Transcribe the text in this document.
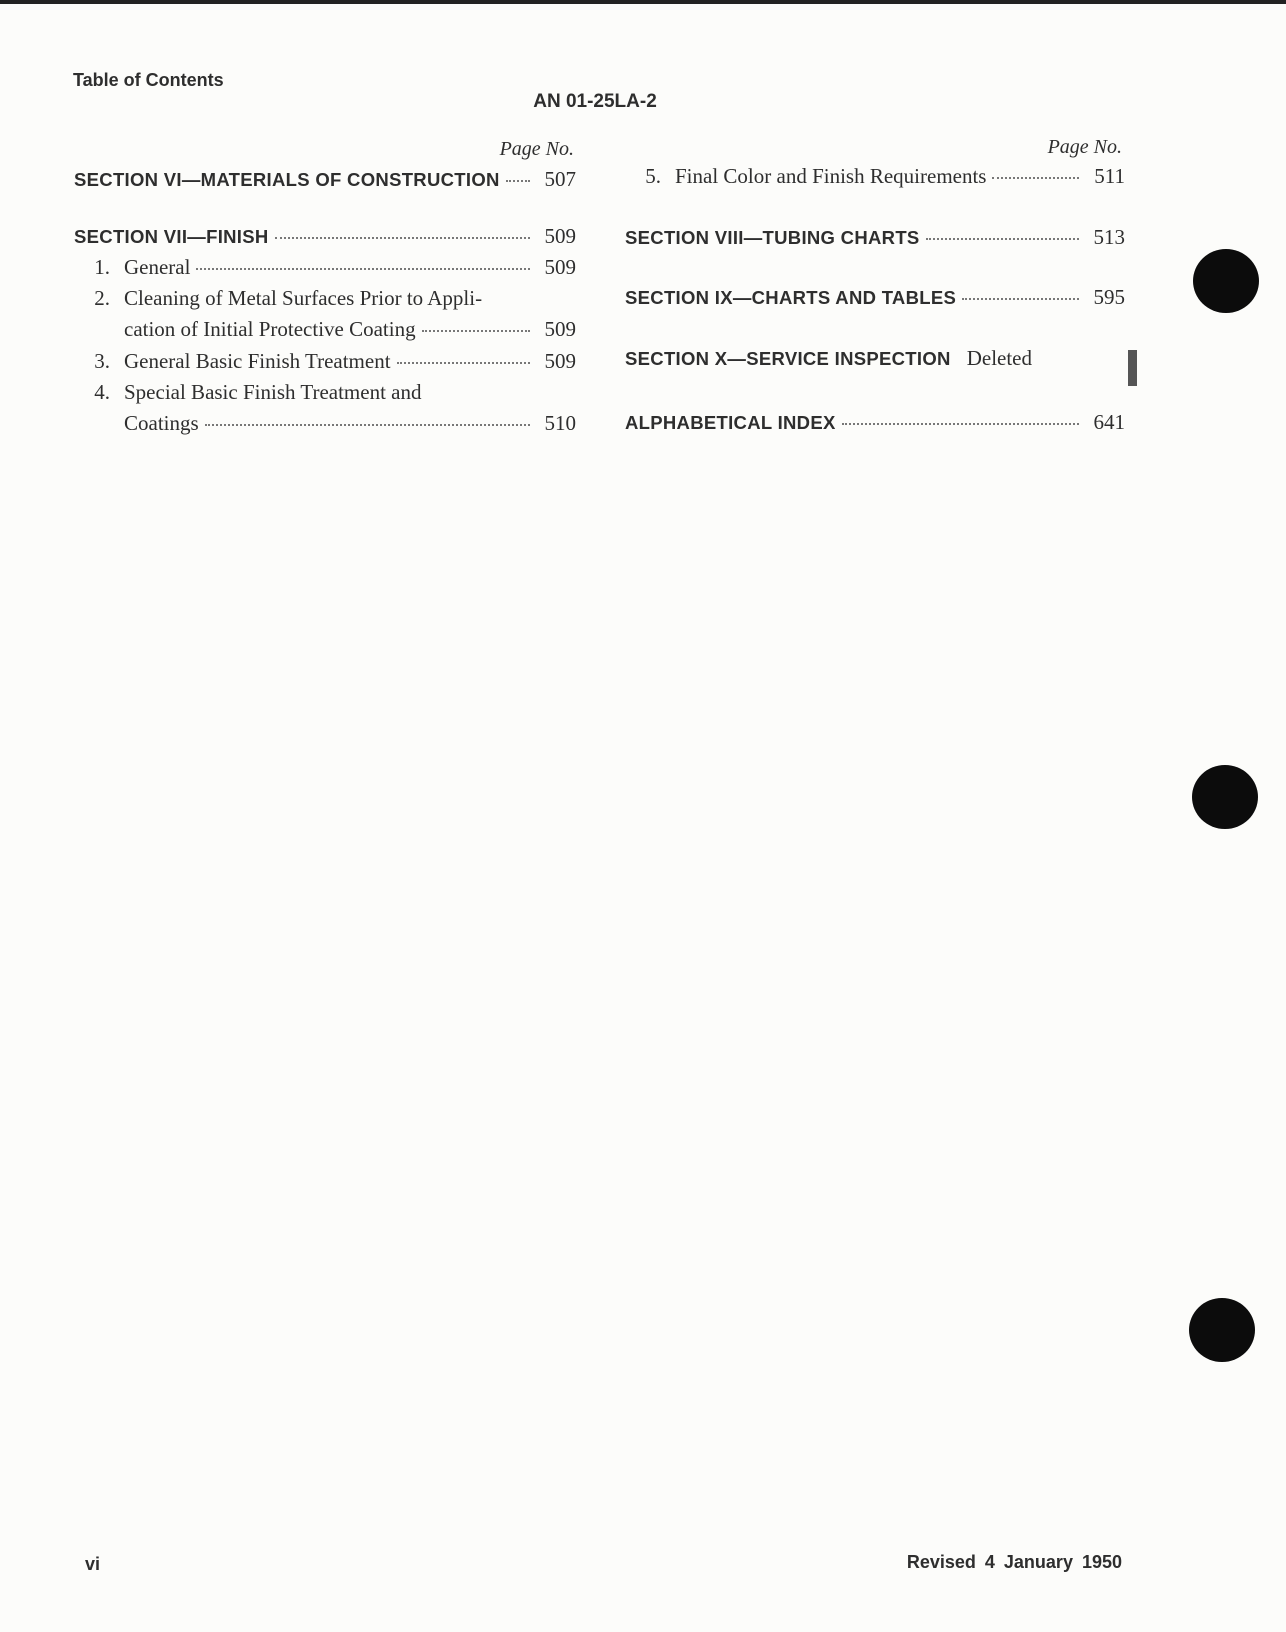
Table of Contents
AN 01-25LA-2
Page No.	Page No.
SECTION VI—MATERIALS OF CONSTRUCTION	507
SECTION VII—FINISH	509
1. General	509
2. Cleaning of Metal Surfaces Prior to Appli-
cation of Initial Protective Coating	509
3. General Basic Finish Treatment	509
4. Special Basic Finish Treatment and
Coatings	510
5. Final Color and Finish Requirements	511
SECTION VIII—TUBING CHARTS	513
SECTION IX—CHARTS AND TABLES	595
SECTION X—SERVICE INSPECTION Deleted
ALPHABETICAL INDEX	641
vi	Revised 4 January 1950
